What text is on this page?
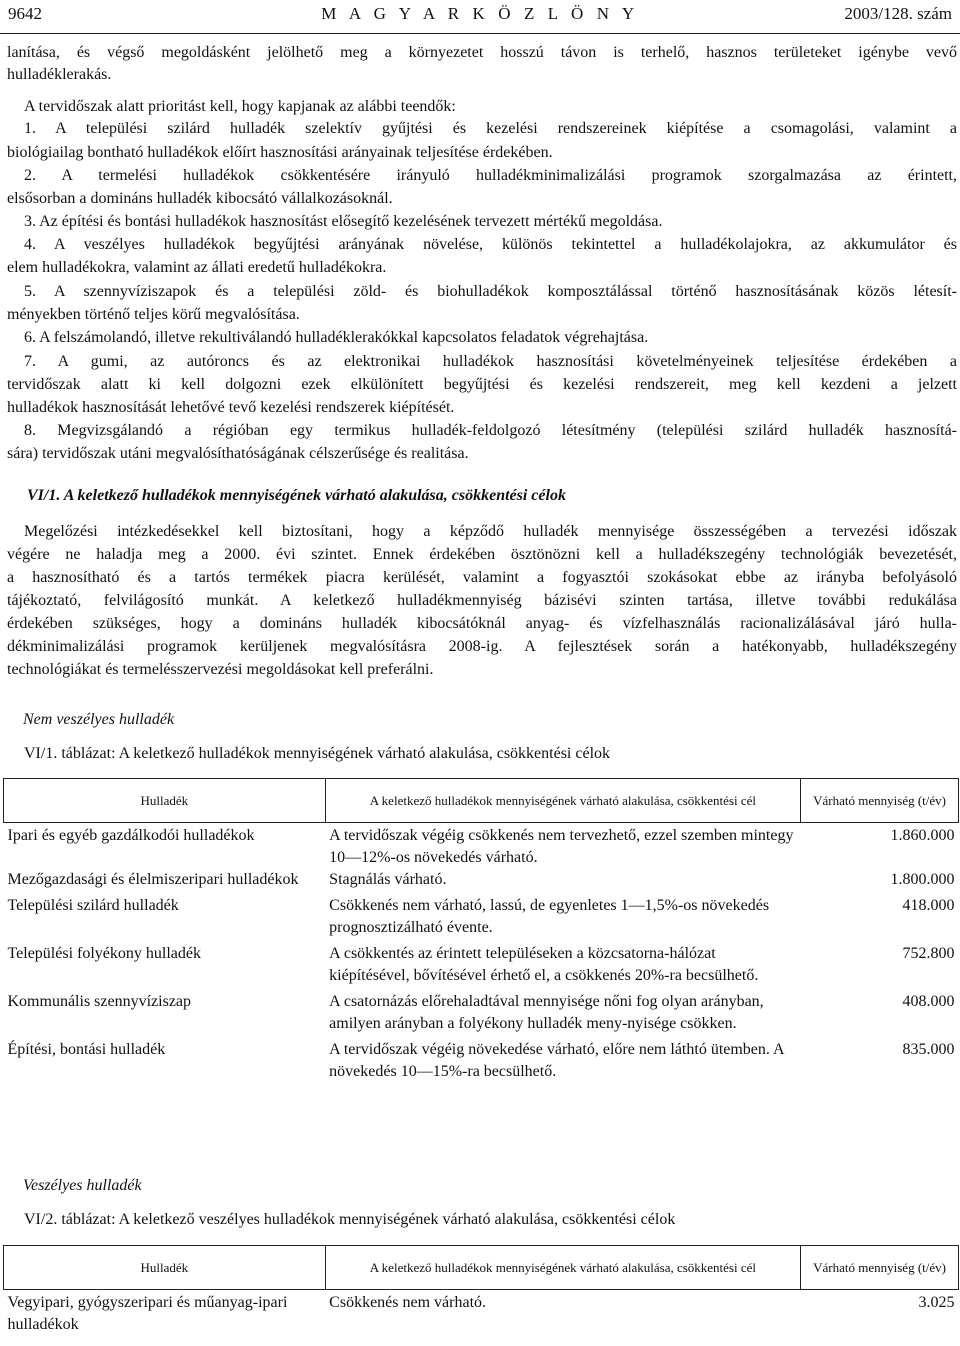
9642	M A G Y A R K Ö Z L Ö N Y	2003/128. szám
lanítása, és végső megoldásként jelölhető meg a környezetet hosszú távon is terhelő, hasznos területeket igénybe vevő
hulladéklerakás.
A tervidőszak alatt prioritást kell, hogy kapjanak az alábbi teendők:
1. A települési szilárd hulladék szelektív gyűjtési és kezelési rendszereinek kiépítése a csomagolási, valamint a
biológiailag bontható hulladékok előírt hasznosítási arányainak teljesítése érdekében.
2. A termelési hulladékok csökkentésére irányuló hulladékminimalizálási programok szorgalmazása az érintett,
elsősorban a domináns hulladék kibocsátó vállalkozásoknál.
3. Az építési és bontási hulladékok hasznosítást elősegítő kezelésének tervezett mértékű megoldása.
4. A veszélyes hulladékok begyűjtési arányának növelése, különös tekintettel a hulladékolajokra, az akkumulátor és
elem hulladékokra, valamint az állati eredetű hulladékokra.
5. A szennyvíziszapok és a települési zöld- és biohulladékok komposztálással történő hasznosításának közös létesít-
ményekben történő teljes körű megvalósítása.
6. A felszámolandó, illetve rekultiválandó hulladéklerakókkal kapcsolatos feladatok végrehajtása.
7. A gumi, az autóroncs és az elektronikai hulladékok hasznosítási követelményeinek teljesítése érdekében a
tervidőszak alatt ki kell dolgozni ezek elkülönített begyűjtési és kezelési rendszereit, meg kell kezdeni a jelzett
hulladékok hasznosítását lehetővé tevő kezelési rendszerek kiépítését.
8. Megvizsgálandó a régióban egy termikus hulladék-feldolgozó létesítmény (települési szilárd hulladék hasznosítá-
sára) tervidőszak utáni megvalósíthatóságának célszerűsége és realitása.
VI/1. A keletkező hulladékok mennyiségének várható alakulása, csökkentési célok
Megelőzési intézkedésekkel kell biztosítani, hogy a képződő hulladék mennyisége összességében a tervezési időszak
végére ne haladja meg a 2000. évi szintet. Ennek érdekében ösztönözni kell a hulladékszegény technológiák bevezetését,
a hasznosítható és a tartós termékek piacra kerülését, valamint a fogyasztói szokásokat ebbe az irányba befolyásoló
tájékoztató, felvilágosító munkát. A keletkező hulladékmennyiség bázisévi szinten tartása, illetve további redukálása
érdekében szükséges, hogy a domináns hulladék kibocsátóknál anyag- és vízfelhasználás racionalizálásával járó hulla-
dékminimalizálási programok kerüljenek megvalósításra 2008-ig. A fejlesztések során a hatékonyabb, hulladékszegény
technológiákat és termelésszervezési megoldásokat kell preferálni.
Nem veszélyes hulladék
VI/1. táblázat: A keletkező hulladékok mennyiségének várható alakulása, csökkentési célok
Hulladék	A keletkező hulladékok mennyiségének várható alakulása, csökkentési cél	Várható mennyiség (t/év)
Ipari és egyéb gazdálkodói hulladékok	A tervidőszak végéig csökkenés nem tervezhető, ezzel szemben mintegy 10—12%-os növekedés várható.	1.860.000
Mezőgazdasági és élelmiszeripari hulladékok	Stagnálás várható.	1.800.000
Települési szilárd hulladék	Csökkenés nem várható, lassú, de egyenletes 1—1,5%-os növekedés prognosztizálható évente.	418.000
Települési folyékony hulladék	A csökkentés az érintett településeken a közcsatorna-hálózat kiépítésével, bővítésével érhető el, a csökkenés 20%-ra becsülhető.	752.800
Kommunális szennyvíziszap	A csatornázás előrehaladtával mennyisége nőni fog olyan arányban, amilyen arányban a folyékony hulladék meny-nyisége csökken.	408.000
Építési, bontási hulladék	A tervidőszak végéig növekedése várható, előre nem láthtó ütemben. A növekedés 10—15%-ra becsülhető.	835.000
Veszélyes hulladék
VI/2. táblázat: A keletkező veszélyes hulladékok mennyiségének várható alakulása, csökkentési célok
Hulladék	A keletkező hulladékok mennyiségének várható alakulása, csökkentési cél	Várható mennyiség (t/év)
Vegyipari, gyógyszeripari és műanyag-ipari hulladékok	Csökkenés nem várható.	3.025
